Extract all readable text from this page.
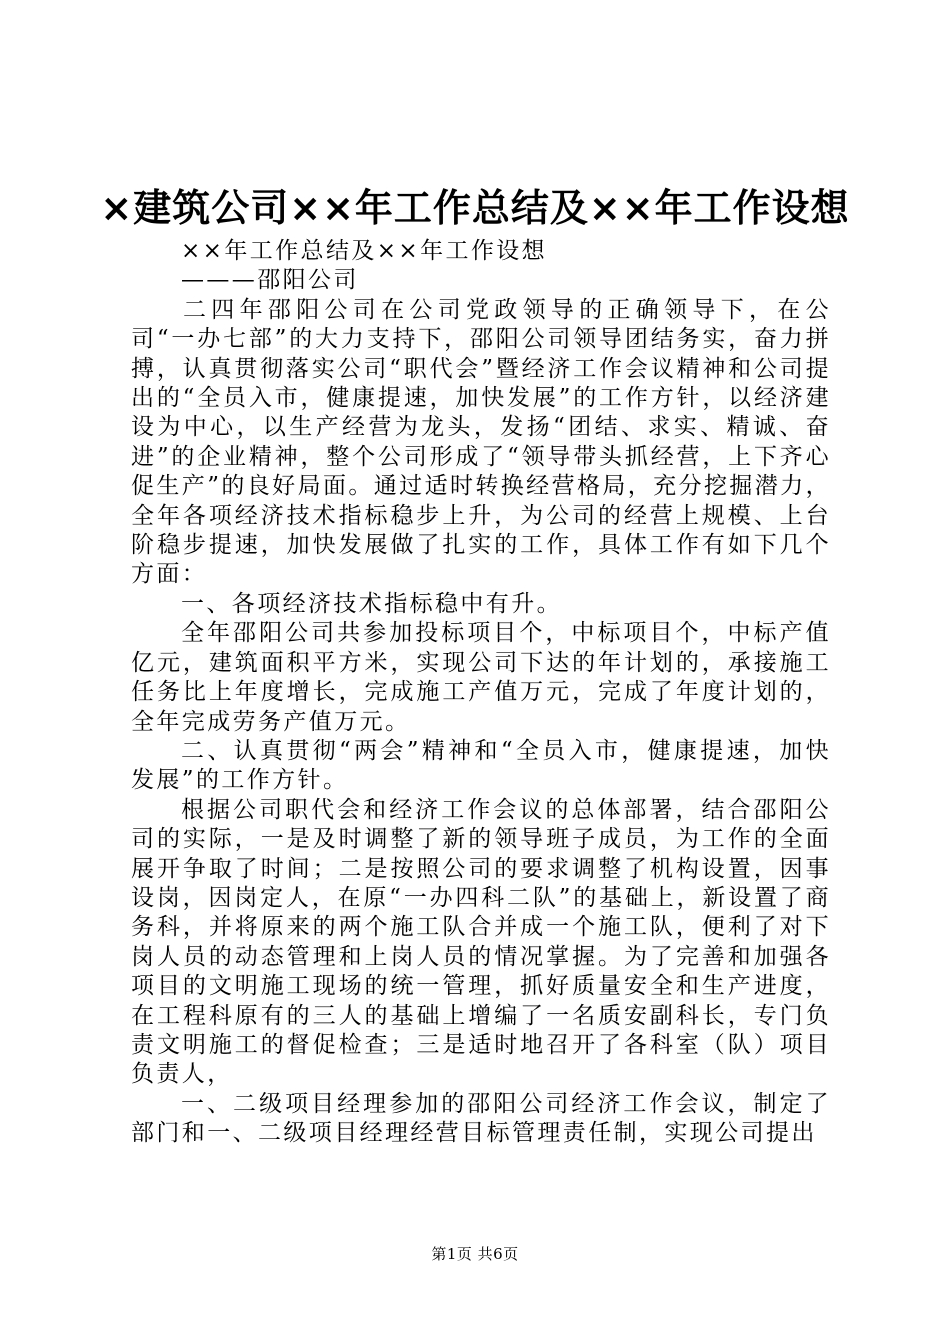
×建筑公司××年工作总结及××年工作设想

××年工作总结及××年工作设想

———邵阳公司

二四年邵阳公司在公司党政领导的正确领导下，在公司“一办七部”的大力支持下，邵阳公司领导团结务实，奋力拼搏，认真贯彻落实公司“职代会”暨经济工作会议精神和公司提出的“全员入市，健康提速，加快发展”的工作方针，以经济建设为中心，以生产经营为龙头，发扬“团结、求实、精诚、奋进”的企业精神，整个公司形成了“领导带头抓经营，上下齐心促生产”的良好局面。通过适时转换经营格局，充分挖掘潜力，全年各项经济技术指标稳步上升，为公司的经营上规模、上台阶稳步提速，加快发展做了扎实的工作，具体工作有如下几个方面：

一、各项经济技术指标稳中有升。

全年邵阳公司共参加投标项目个，中标项目个，中标产值亿元，建筑面积平方米，实现公司下达的年计划的，承接施工任务比上年度增长，完成施工产值万元，完成了年度计划的，全年完成劳务产值万元。

二、认真贯彻“两会”精神和“全员入市，健康提速，加快发展”的工作方针。

根据公司职代会和经济工作会议的总体部署，结合邵阳公司的实际，一是及时调整了新的领导班子成员，为工作的全面展开争取了时间；二是按照公司的要求调整了机构设置，因事设岗，因岗定人，在原“一办四科二队”的基础上，新设置了商务科，并将原来的两个施工队合并成一个施工队，便利了对下岗人员的动态管理和上岗人员的情况掌握。为了完善和加强各项目的文明施工现场的统一管理，抓好质量安全和生产进度，在工程科原有的三人的基础上增编了一名质安副科长，专门负责文明施工的督促检查；三是适时地召开了各科室（队）项目负责人，

一、二级项目经理参加的邵阳公司经济工作会议，制定了部门和一、二级项目经理经营目标管理责任制，实现公司提出

第1页 共6页
